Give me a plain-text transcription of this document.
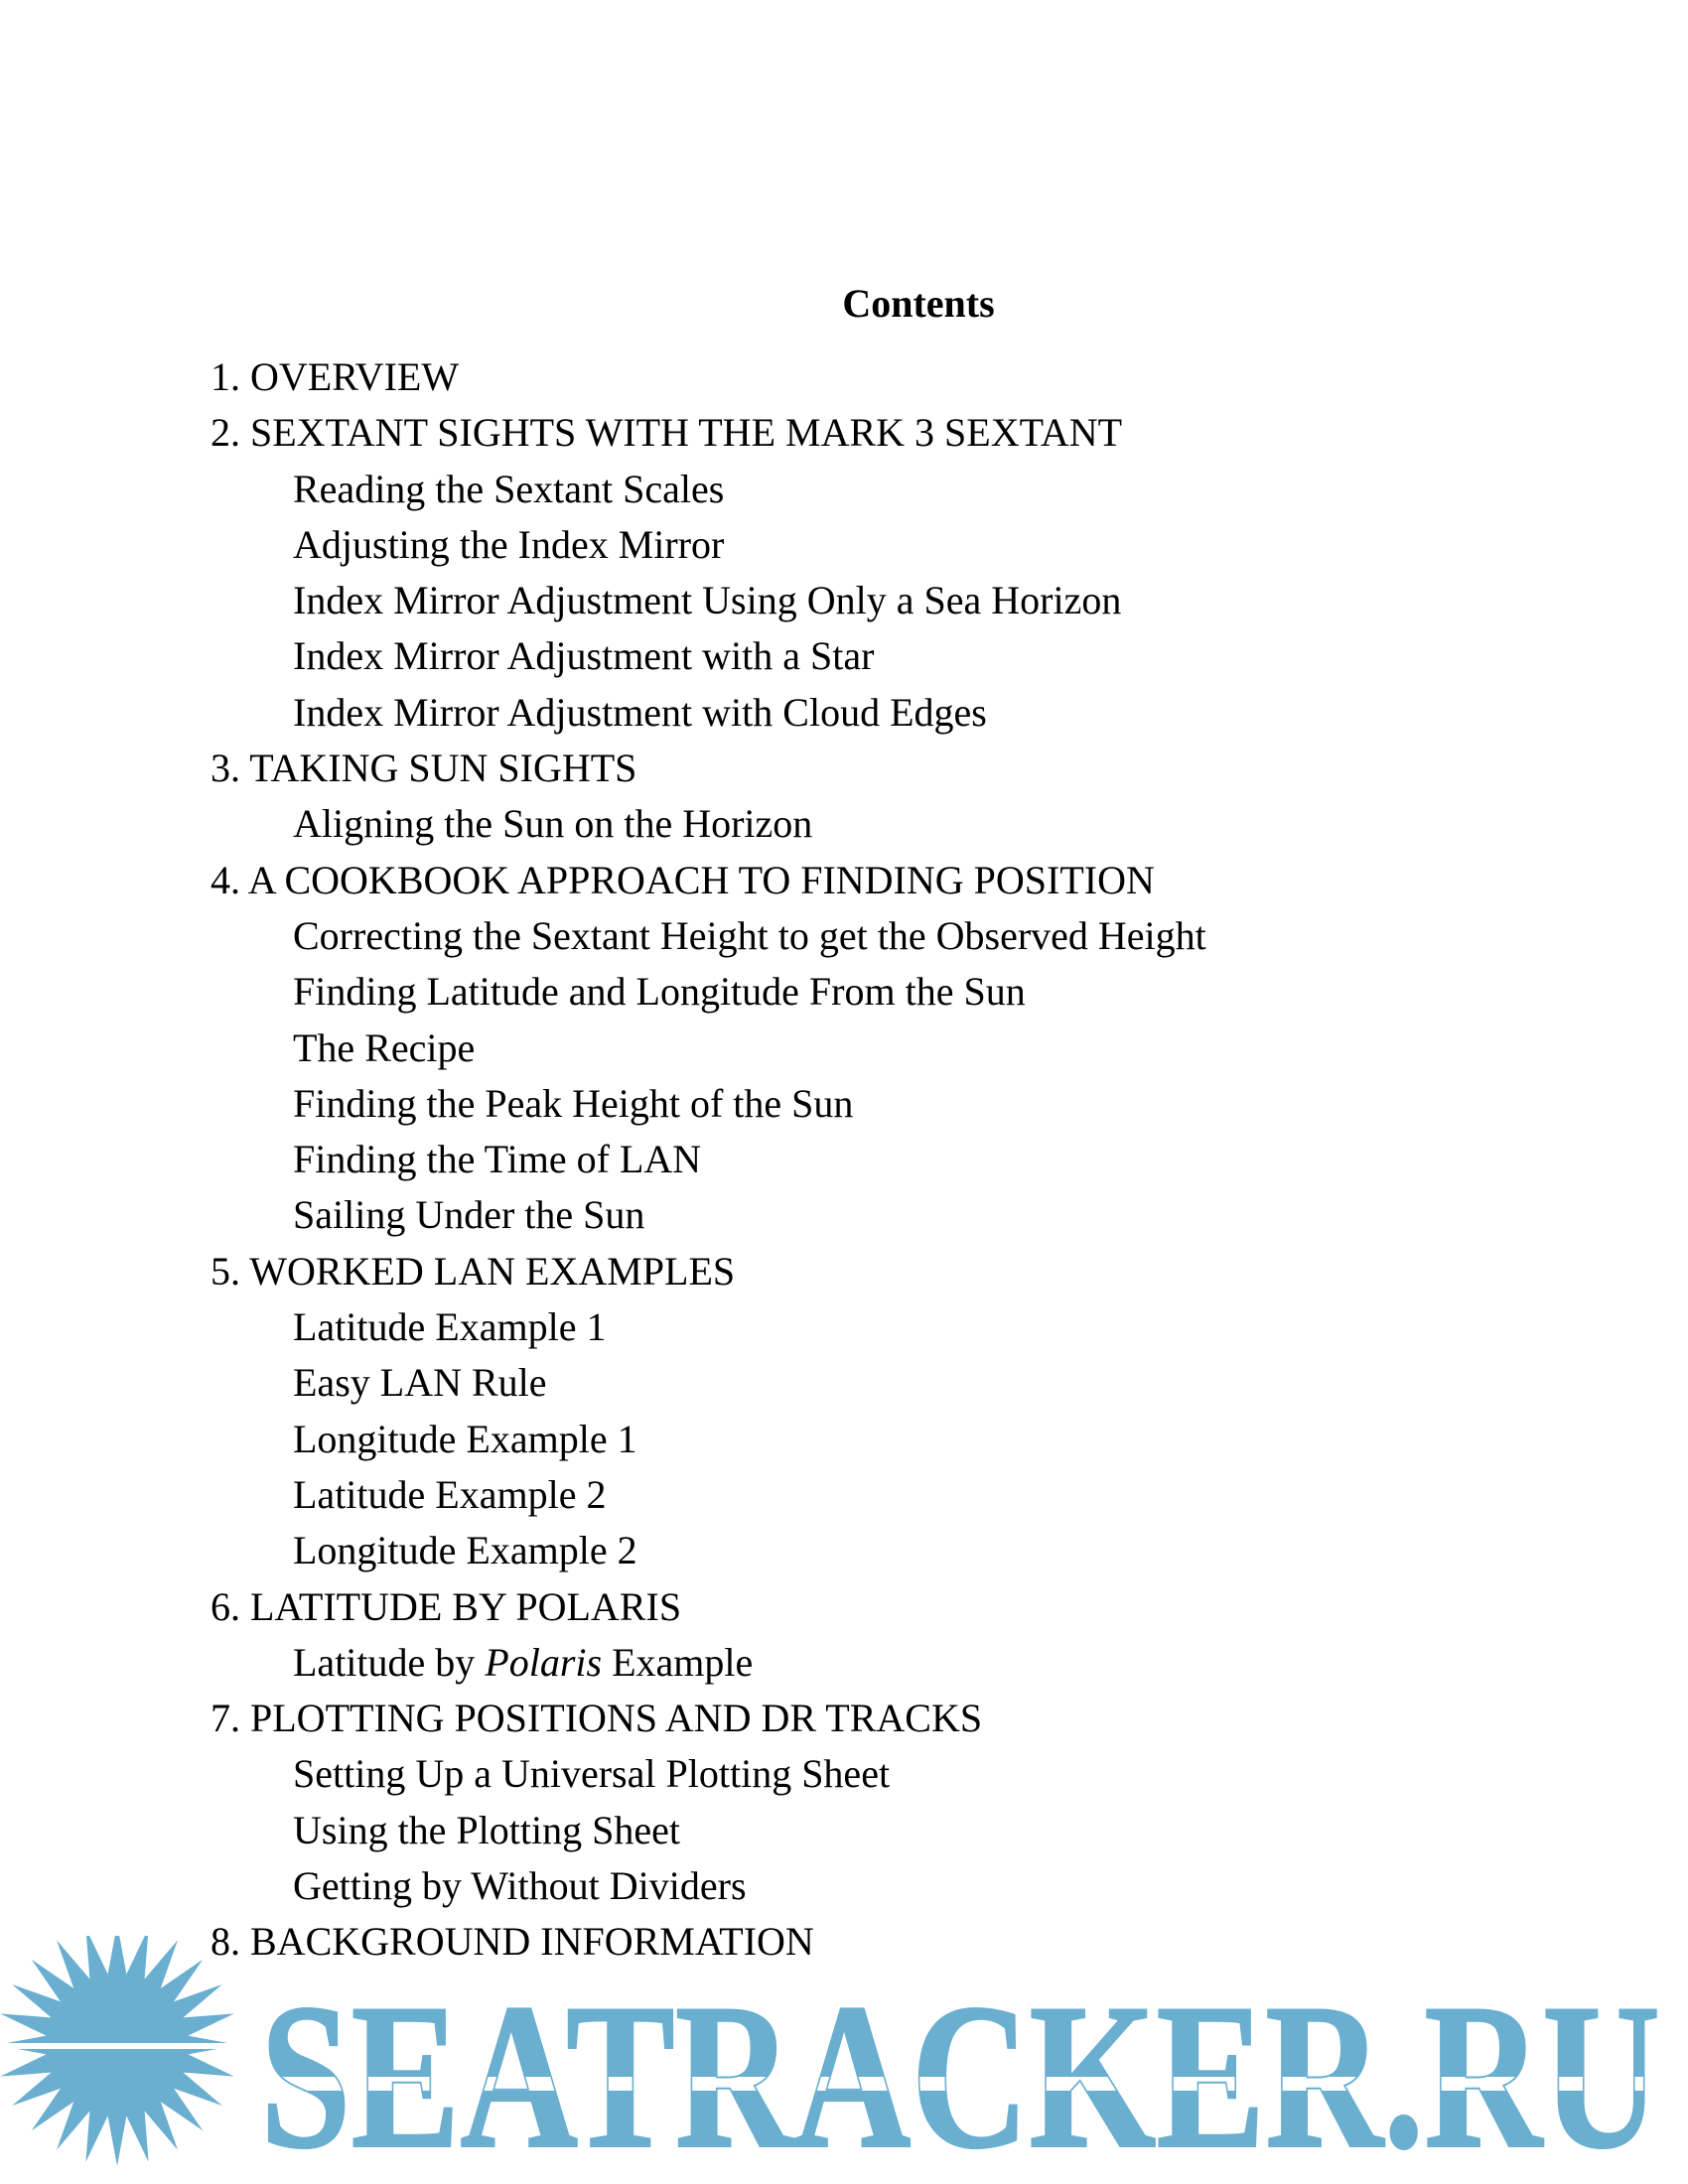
Contents
1. OVERVIEW
2. SEXTANT SIGHTS WITH THE MARK 3 SEXTANT
Reading the Sextant Scales
Adjusting the Index Mirror
Index Mirror Adjustment Using Only a Sea Horizon
Index Mirror Adjustment with a Star
Index Mirror Adjustment with Cloud Edges
3. TAKING SUN SIGHTS
Aligning the Sun on the Horizon
4. A COOKBOOK APPROACH TO FINDING POSITION
Correcting the Sextant Height to get the Observed Height
Finding Latitude and Longitude From the Sun
The Recipe
Finding the Peak Height of the Sun
Finding the Time of LAN
Sailing Under the Sun
5. WORKED LAN EXAMPLES
Latitude Example 1
Easy LAN Rule
Longitude Example 1
Latitude Example 2
Longitude Example 2
6. LATITUDE BY POLARIS
Latitude by Polaris Example
7. PLOTTING POSITIONS AND DR TRACKS
Setting Up a Universal Plotting Sheet
Using the Plotting Sheet
Getting by Without Dividers
8. BACKGROUND INFORMATION
SEATRACKER.RU
